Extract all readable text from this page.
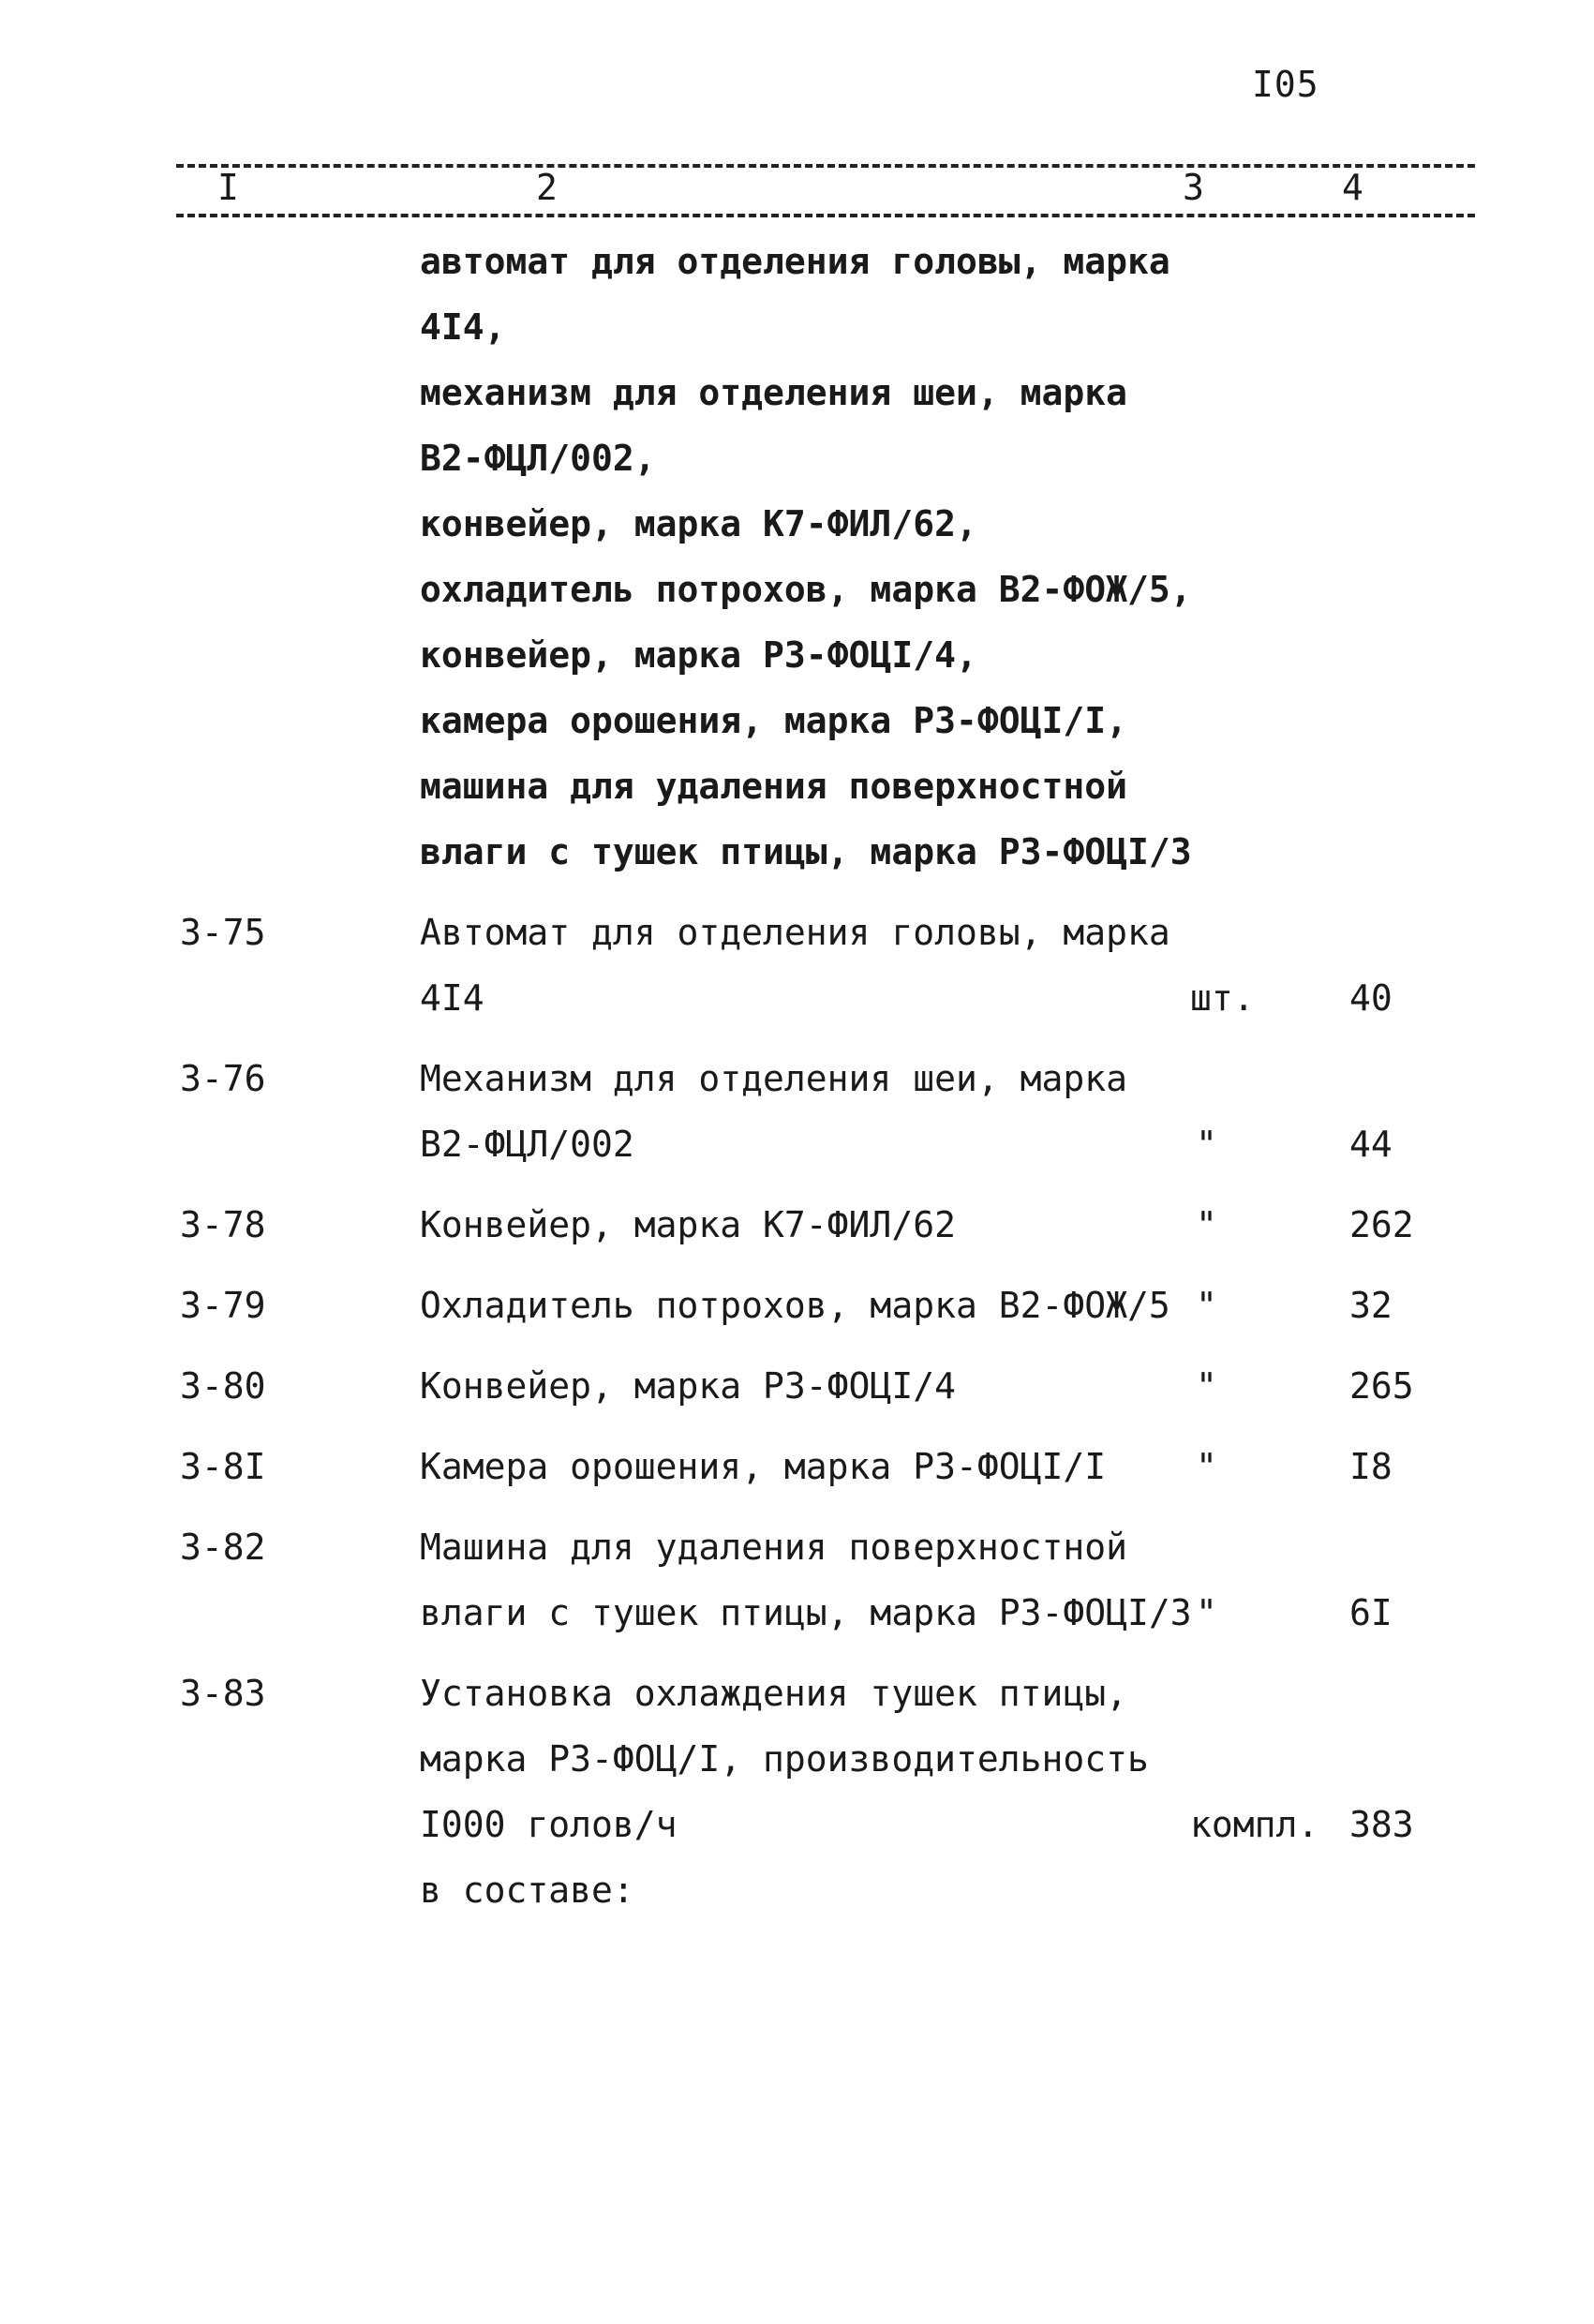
I05
I	2	3	4
автомат для отделения головы, марка
4I4,
механизм для отделения шеи, марка
В2-ФЦЛ/002,
конвейер, марка К7-ФИЛ/62,
охладитель потрохов, марка В2-ФОЖ/5,
конвейер, марка РЗ-ФОЦI/4,
камера орошения, марка РЗ-ФОЦI/I,
машина для удаления поверхностной
влаги с тушек птицы, марка РЗ-ФОЦI/3
3-75	Автомат для отделения головы, марка
4I4	шт.	40
3-76	Механизм для отделения шеи, марка
В2-ФЦЛ/002	"	44
3-78	Конвейер, марка К7-ФИЛ/62	"	262
3-79	Охладитель потрохов, марка В2-ФОЖ/5 "	32
3-80	Конвейер, марка РЗ-ФОЦI/4	"	265
3-8I	Камера орошения, марка РЗ-ФОЦI/I	"	I8
3-82	Машина для удаления поверхностной
влаги с тушек птицы, марка РЗ-ФОЦI/3 "	6I
3-83	Установка охлаждения тушек птицы,
марка РЗ-ФОЦ/I, производительность
I000 голов/ч	компл. 383
в составе:
